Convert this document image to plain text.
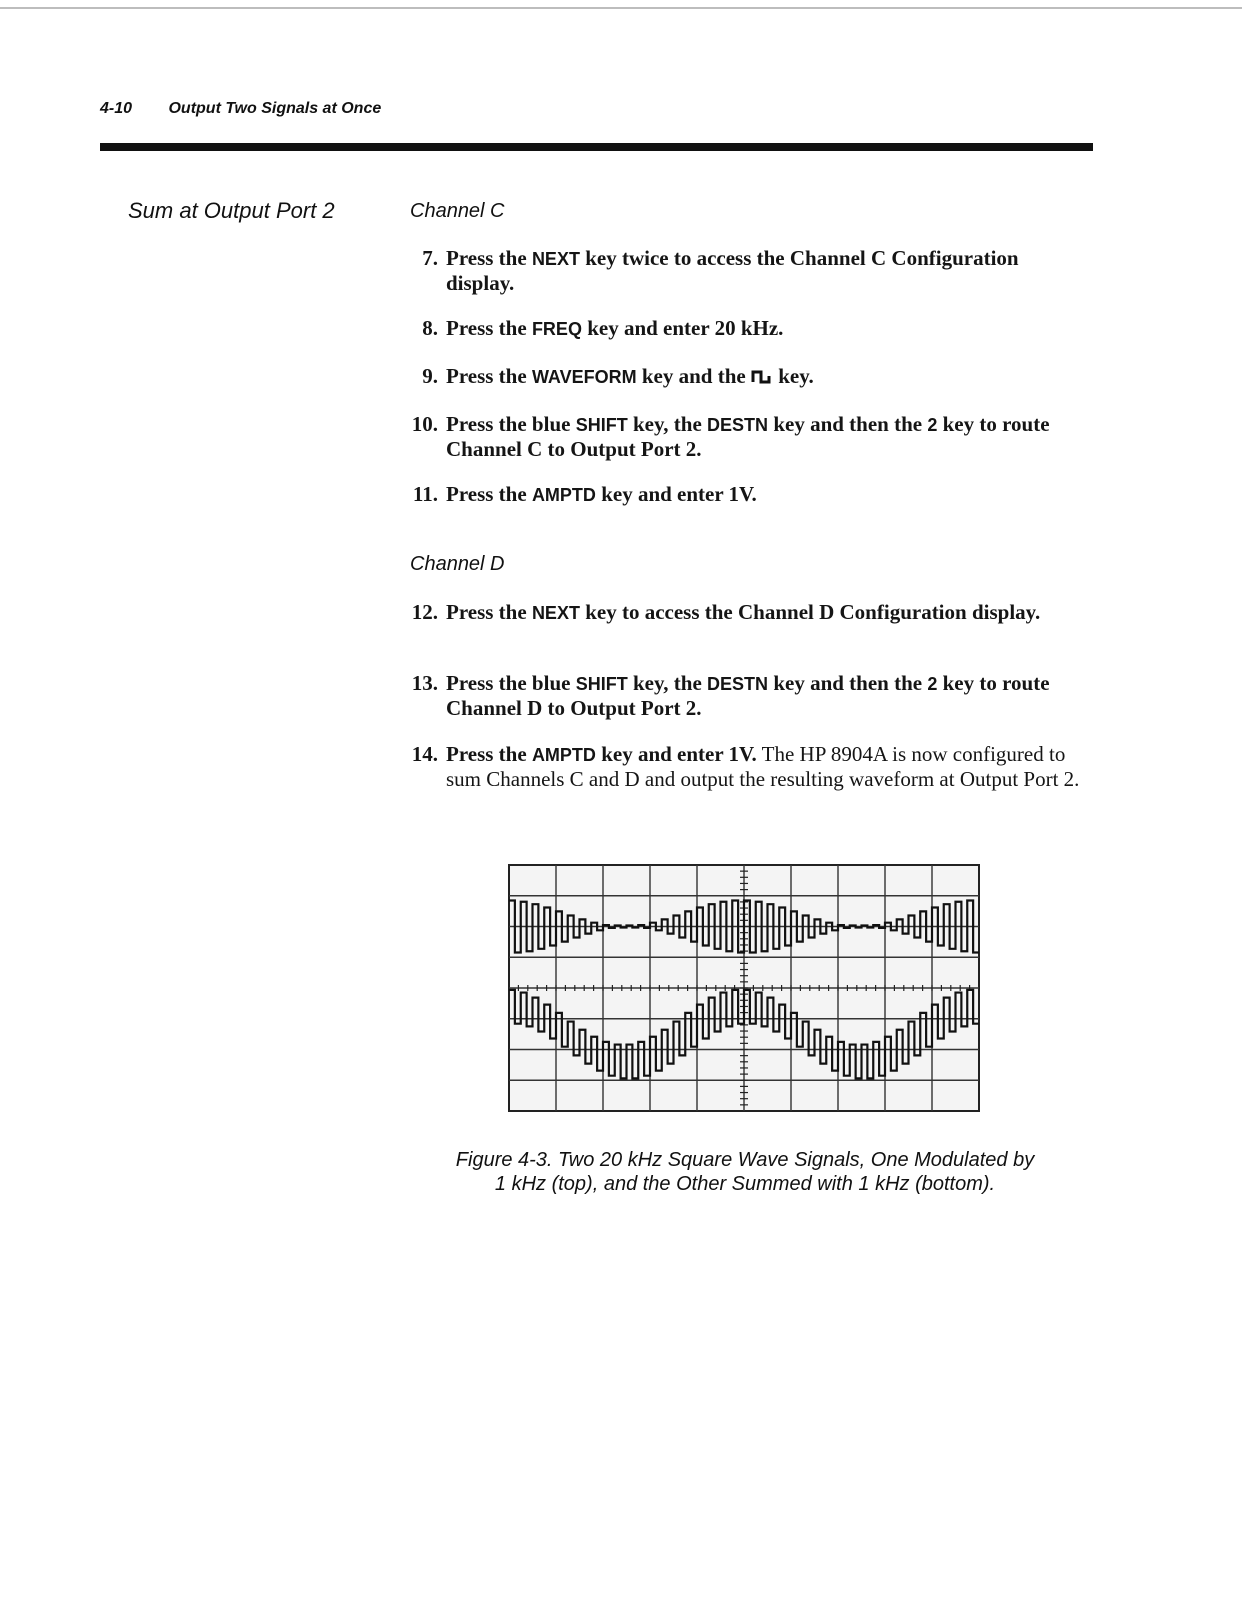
4-10 Output Two Signals at Once
Sum at Output Port 2	Channel C
7. Press the NEXT key twice to access the Channel C Configuration display.
8. Press the FREQ key and enter 20 kHz.
9. Press the WAVEFORM key and the  key.
10. Press the blue SHIFT key, the DESTN key and then the 2 key to route Channel C to Output Port 2.
11. Press the AMPTD key and enter 1V.
Channel D
12. Press the NEXT key to access the Channel D Configuration display.
13. Press the blue SHIFT key, the DESTN key and then the 2 key to route Channel D to Output Port 2.
14. Press the AMPTD key and enter 1V. The HP 8904A is now configured to sum Channels C and D and output the resulting waveform at Output Port 2.
Figure 4-3. Two 20 kHz Square Wave Signals, One Modulated by
1 kHz (top), and the Other Summed with 1 kHz (bottom).
